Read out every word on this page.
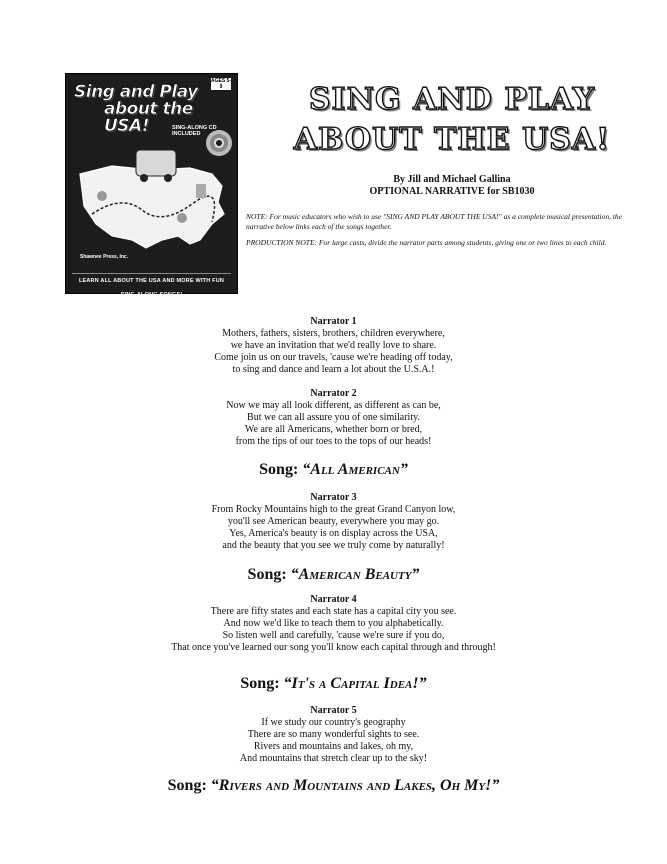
AGES 5-9
Sing and Play
about the USA!	SING-ALONG CD INCLUDED
Shawnee Press, Inc.
LEARN ALL ABOUT THE USA AND MORE WITH FUN SING-ALONG SONGS!
SING AND PLAY
ABOUT THE USA!
By Jill and Michael Gallina
OPTIONAL NARRATIVE for SB1030
NOTE: For music educators who wish to use "SING AND PLAY ABOUT THE USA!" as a complete musical presentation, the narrative below links each of the songs together.
PRODUCTION NOTE: For large casts, divide the narrator parts among students, giving one or two lines to each child.
Narrator 1
Mothers, fathers, sisters, brothers, children everywhere,
we have an invitation that we'd really love to share.
Come join us on our travels, 'cause we're heading off today,
to sing and dance and learn a lot about the U.S.A.!
Narrator 2
Now we may all look different, as different as can be,
But we can all assure you of one similarity.
We are all Americans, whether born or bred,
from the tips of our toes to the tops of our heads!
Song: “All American”
Narrator 3
From Rocky Mountains high to the great Grand Canyon low,
you'll see American beauty, everywhere you may go.
Yes, America's beauty is on display across the USA,
and the beauty that you see we truly come by naturally!
Song: “American Beauty”
Narrator 4
There are fifty states and each state has a capital city you see.
And now we'd like to teach them to you alphabetically.
So listen well and carefully, 'cause we're sure if you do,
That once you've learned our song you'll know each capital through and through!
Song: “It's a Capital Idea!”
Narrator 5
If we study our country's geography
There are so many wonderful sights to see.
Rivers and mountains and lakes, oh my,
And mountains that stretch clear up to the sky!
Song: “Rivers and Mountains and Lakes, Oh My!”
